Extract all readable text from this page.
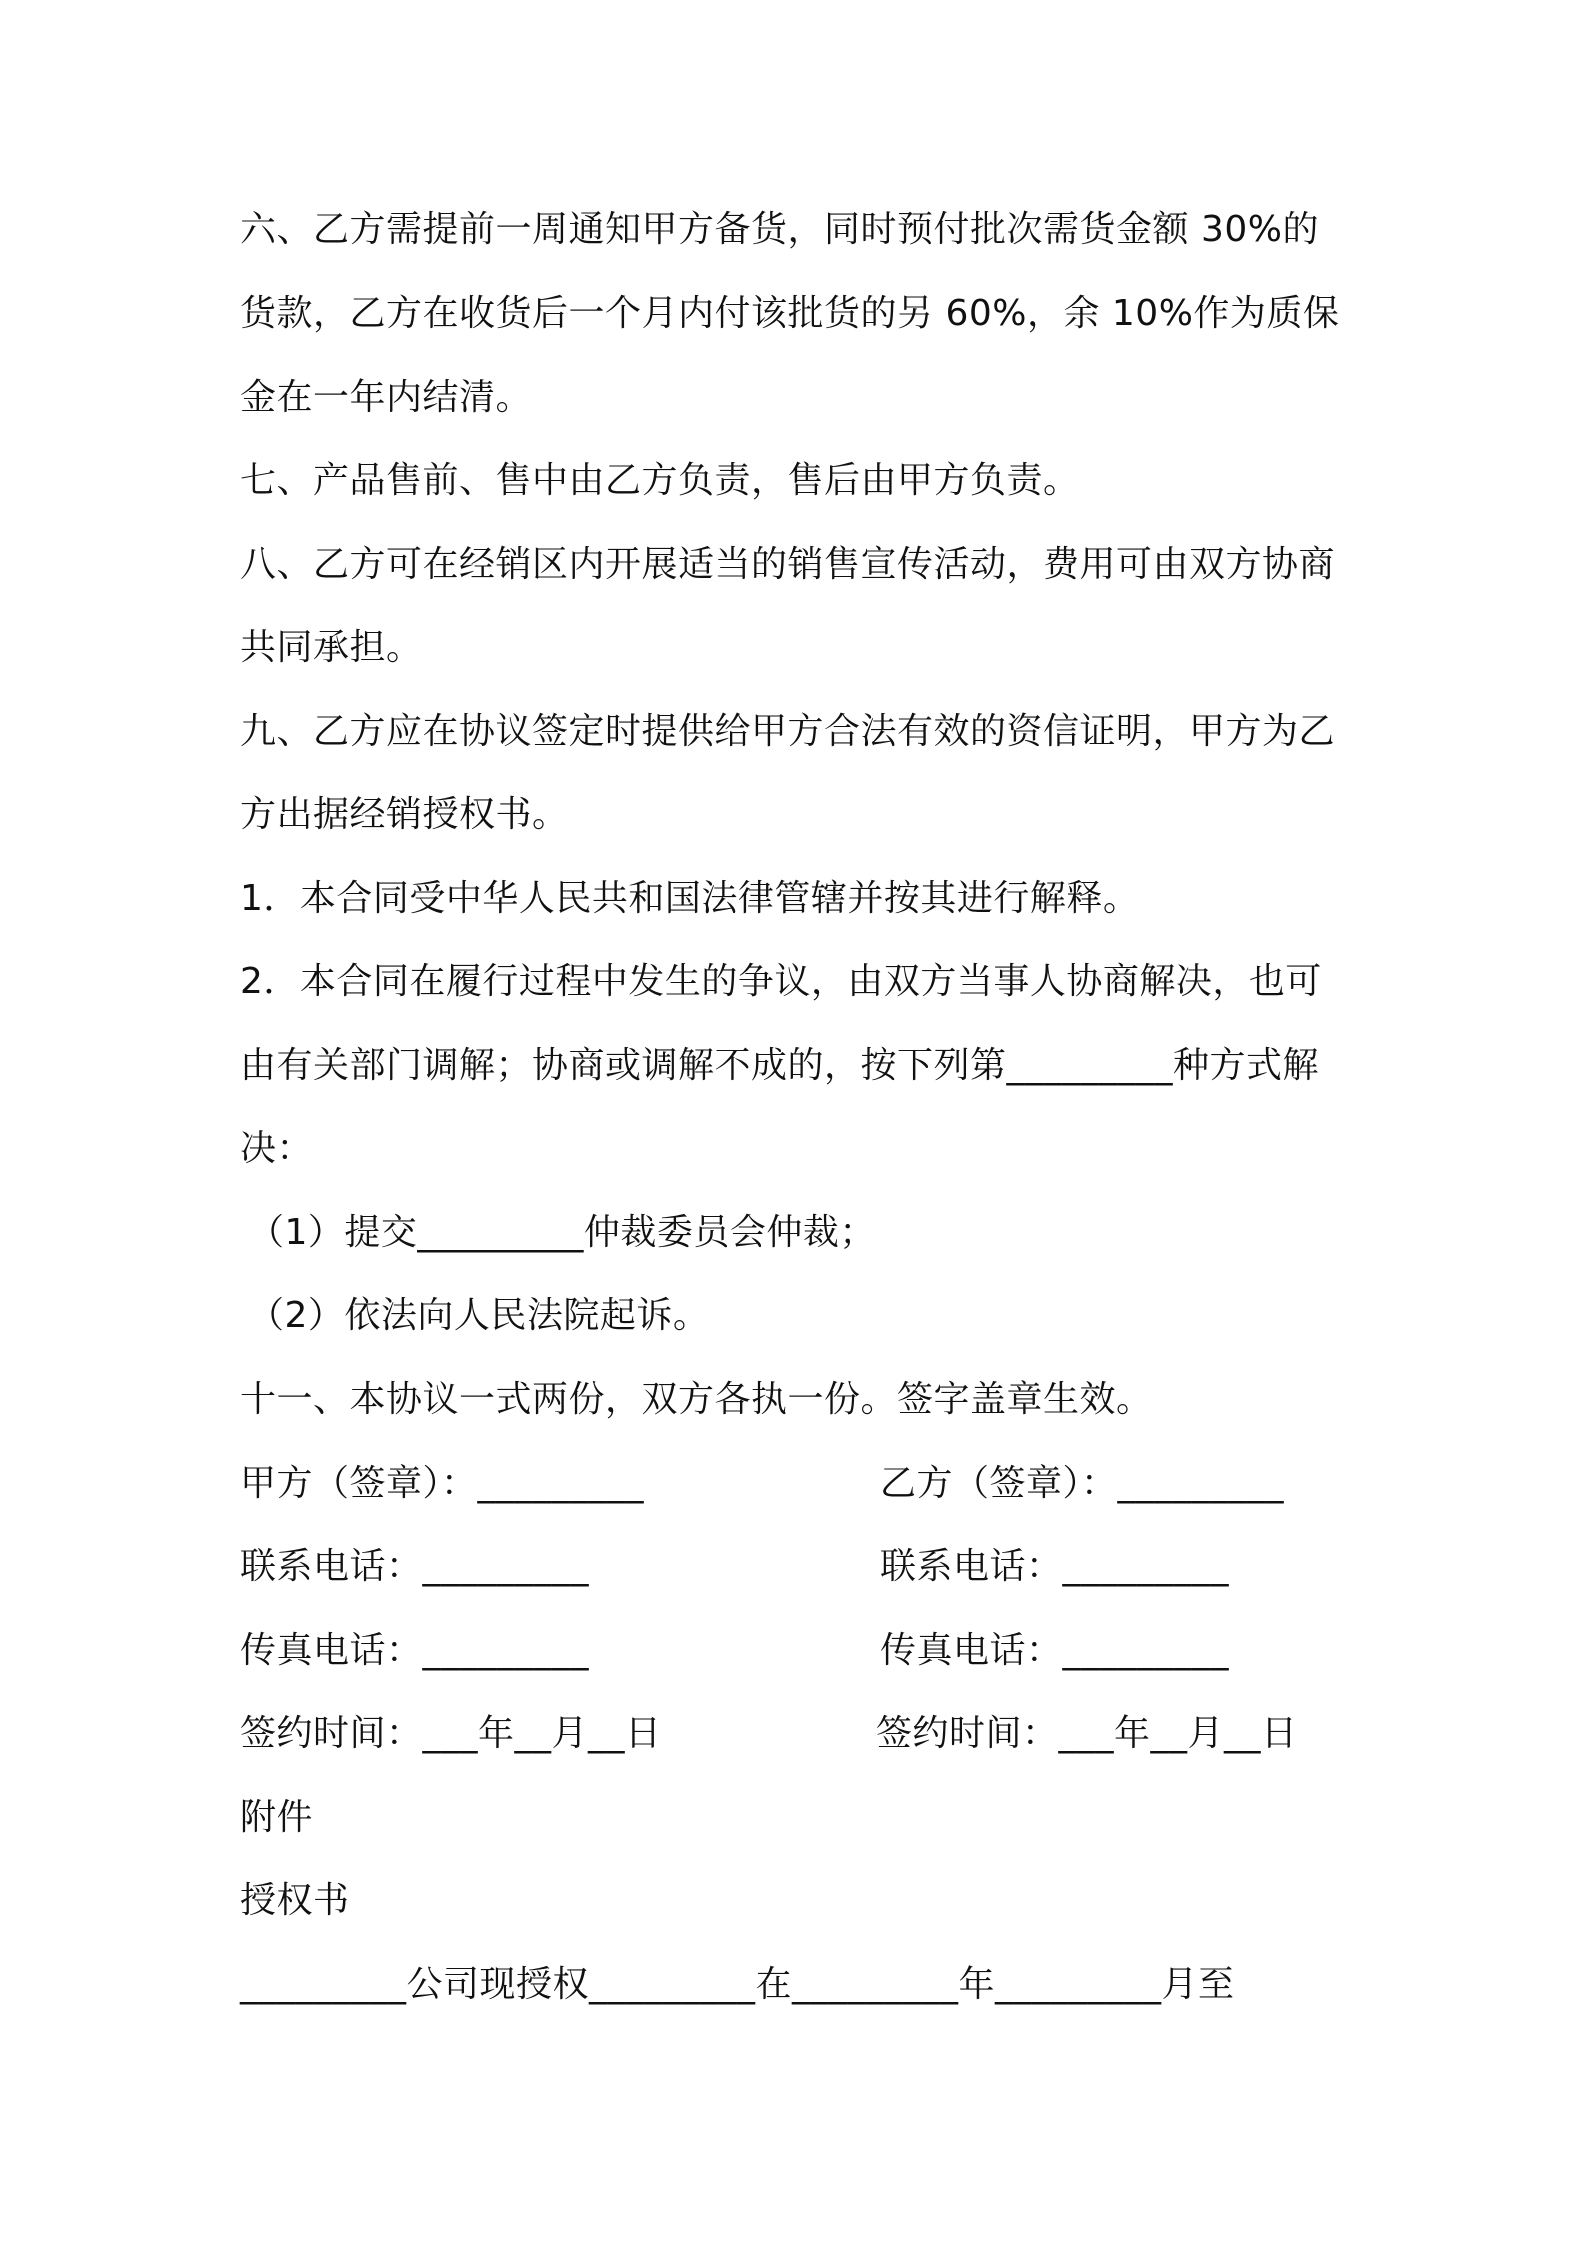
六、乙方需提前一周通知甲方备货，同时预付批次需货金额 30%的
货款，乙方在收货后一个月内付该批货的另 60%，余 10%作为质保
金在一年内结清。
七、产品售前、售中由乙方负责，售后由甲方负责。
八、乙方可在经销区内开展适当的销售宣传活动，费用可由双方协商
共同承担。
九、乙方应在协议签定时提供给甲方合法有效的资信证明，甲方为乙
方出据经销授权书。
1．本合同受中华人民共和国法律管辖并按其进行解释。
2．本合同在履行过程中发生的争议，由双方当事人协商解决，也可
由有关部门调解；协商或调解不成的，按下列第_________种方式解
决：
（1）提交_________仲裁委员会仲裁；
（2）依法向人民法院起诉。
十一、本协议一式两份，双方各执一份。签字盖章生效。
甲方（签章）：_________	乙方（签章）：_________
联系电话：_________	联系电话：_________
传真电话：_________	传真电话：_________
签约时间：___年__月__日	签约时间：___年__月__日
附件
授权书
_________公司现授权_________在_________年_________月至
